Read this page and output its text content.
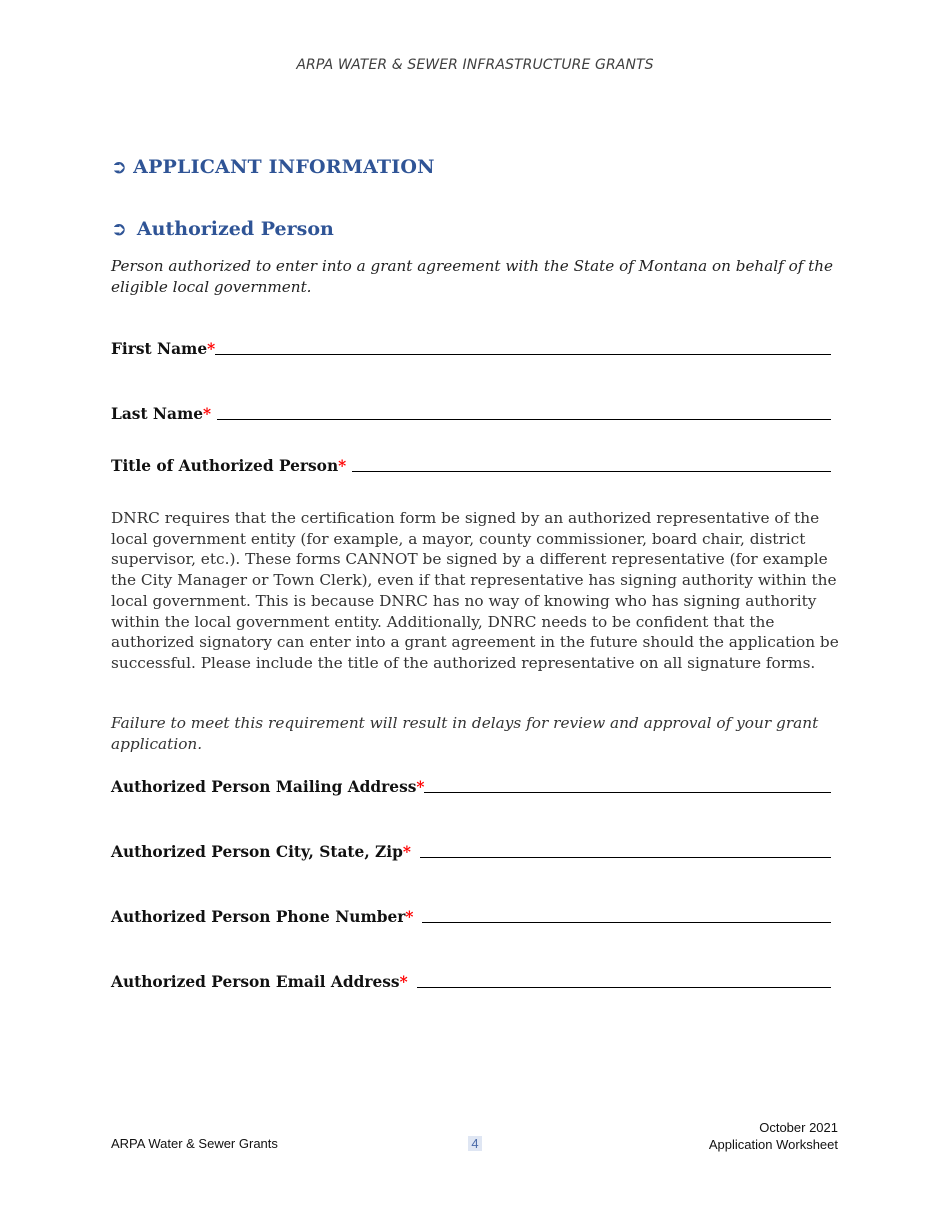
ARPA WATER & SEWER INFRASTRUCTURE GRANTS
➲ APPLICANT INFORMATION
➲ Authorized Person
Person authorized to enter into a grant agreement with the State of Montana on behalf of the eligible local government.
First Name *
Last Name *
Title of Authorized Person *
DNRC requires that the certification form be signed by an authorized representative of the local government entity (for example, a mayor, county commissioner, board chair, district supervisor, etc.). These forms CANNOT be signed by a different representative (for example the City Manager or Town Clerk), even if that representative has signing authority within the local government. This is because DNRC has no way of knowing who has signing authority within the local government entity. Additionally, DNRC needs to be confident that the authorized signatory can enter into a grant agreement in the future should the application be successful. Please include the title of the authorized representative on all signature forms.
Failure to meet this requirement will result in delays for review and approval of your grant application.
Authorized Person Mailing Address *
Authorized Person City, State, Zip *
Authorized Person Phone Number *
Authorized Person Email Address *
ARPA Water & Sewer Grants	4
October 2021
Application Worksheet
